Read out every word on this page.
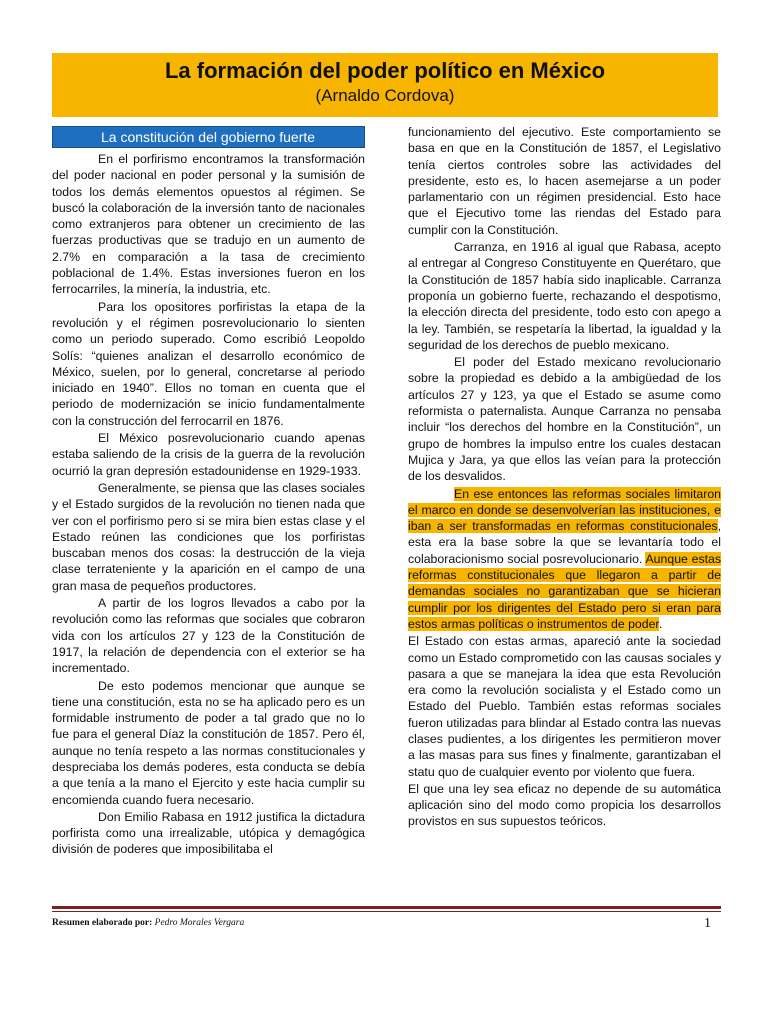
La formación del poder político en México
(Arnaldo Cordova)
La constitución del gobierno fuerte

En el porfirismo encontramos la transformación del poder nacional en poder personal y la sumisión de todos los demás elementos opuestos al régimen. Se buscó la colaboración de la inversión tanto de nacionales como extranjeros para obtener un crecimiento de las fuerzas productivas que se tradujo en un aumento de 2.7% en comparación a la tasa de crecimiento poblacional de 1.4%. Estas inversiones fueron en los ferrocarriles, la minería, la industria, etc.

Para los opositores porfiristas la etapa de la revolución y el régimen posrevolucionario lo sienten como un periodo superado. Como escribió Leopoldo Solís: “quienes analizan el desarrollo económico de México, suelen, por lo general, concretarse al periodo iniciado en 1940”. Ellos no toman en cuenta que el periodo de modernización se inicio fundamentalmente con la construcción del ferrocarril en 1876.

El México posrevolucionario cuando apenas estaba saliendo de la crisis de la guerra de la revolución ocurrió la gran depresión estadounidense en 1929-1933.

Generalmente, se piensa que las clases sociales y el Estado surgidos de la revolución no tienen nada que ver con el porfirismo pero si se mira bien estas clase y el Estado reúnen las condiciones que los porfiristas buscaban menos dos cosas: la destrucción de la vieja clase terrateniente y la aparición en el campo de una gran masa de pequeños productores.

A partir de los logros llevados a cabo por la revolución como las reformas que sociales que cobraron vida con los artículos 27 y 123 de la Constitución de 1917, la relación de dependencia con el exterior se ha incrementado.

De esto podemos mencionar que aunque se tiene una constitución, esta no se ha aplicado pero es un formidable instrumento de poder a tal grado que no lo fue para el general Díaz la constitución de 1857. Pero él, aunque no tenía respeto a las normas constitucionales y despreciaba los demás poderes, esta conducta se debía a que tenía a la mano el Ejercito y este hacia cumplir su encomienda cuando fuera necesario.

Don Emilio Rabasa en 1912 justifica la dictadura porfirista como una irrealizable, utópica y demagógica división de poderes que imposibilitaba el

funcionamiento del ejecutivo. Este comportamiento se basa en que en la Constitución de 1857, el Legislativo tenía ciertos controles sobre las actividades del presidente, esto es, lo hacen asemejarse a un poder parlamentario con un régimen presidencial. Esto hace que el Ejecutivo tome las riendas del Estado para cumplir con la Constitución.

Carranza, en 1916 al igual que Rabasa, acepto al entregar al Congreso Constituyente en Querétaro, que la Constitución de 1857 había sido inaplicable. Carranza proponía un gobierno fuerte, rechazando el despotismo, la elección directa del presidente, todo esto con apego a la ley. También, se respetaría la libertad, la igualdad y la seguridad de los derechos de pueblo mexicano.

El poder del Estado mexicano revolucionario sobre la propiedad es debido a la ambigüedad de los artículos 27 y 123, ya que el Estado se asume como reformista o paternalista. Aunque Carranza no pensaba incluir “los derechos del hombre en la Constitución”, un grupo de hombres la impulso entre los cuales destacan Mujica y Jara, ya que ellos las veían para la protección de los desvalidos.

En ese entonces las reformas sociales limitaron el marco en donde se desenvolverían las instituciones, e iban a ser transformadas en reformas constitucionales, esta era la base sobre la que se levantaría todo el colaboracionismo social posrevolucionario. Aunque estas reformas constitucionales que llegaron a partir de demandas sociales no garantizaban que se hicieran cumplir por los dirigentes del Estado pero si eran para estos armas políticas o instrumentos de poder.

El Estado con estas armas, apareció ante la sociedad como un Estado comprometido con las causas sociales y pasara a que se manejara la idea que esta Revolución era como la revolución socialista y el Estado como un Estado del Pueblo. También estas reformas sociales fueron utilizadas para blindar al Estado contra las nuevas clases pudientes, a los dirigentes les permitieron mover a las masas para sus fines y finalmente, garantizaban el statu quo de cualquier evento por violento que fuera.

El que una ley sea eficaz no depende de su automática aplicación sino del modo como propicia los desarrollos provistos en sus supuestos teóricos.

Resumen elaborado por: Pedro Morales Vergara	1
